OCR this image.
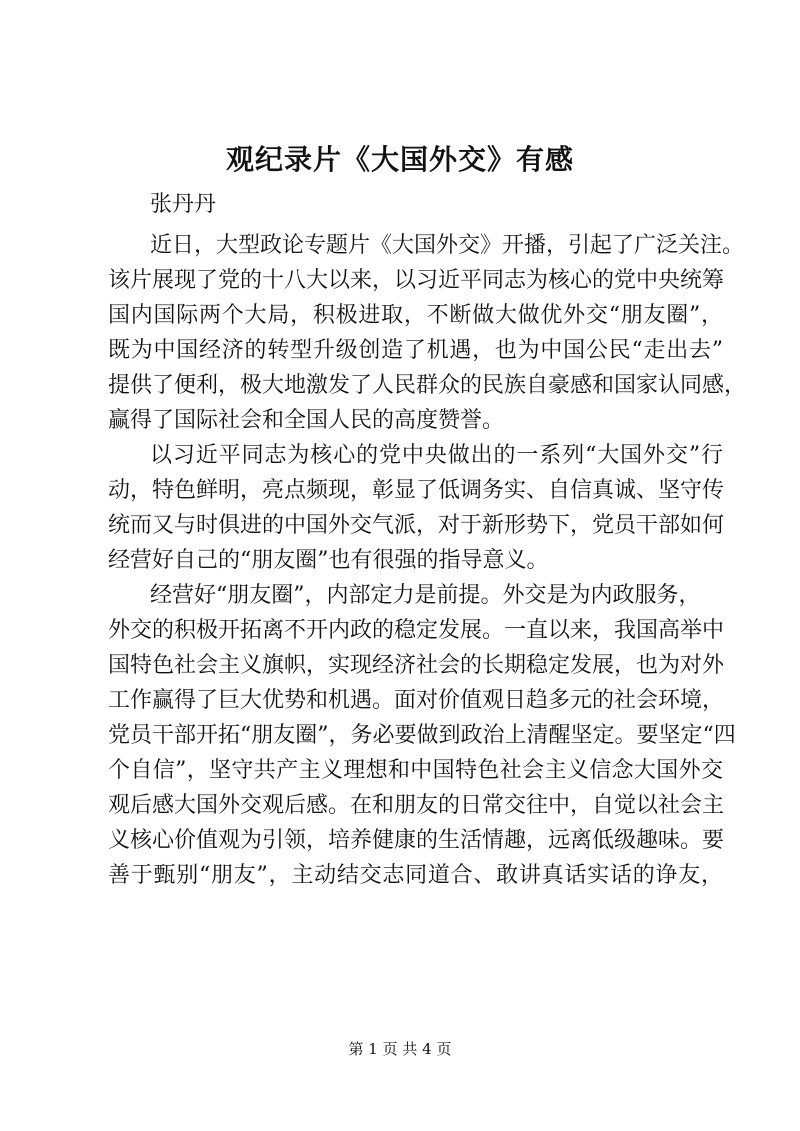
观纪录片《大国外交》有感

张丹丹

近日，大型政论专题片《大国外交》开播，引起了广泛关注。
该片展现了党的十八大以来，以习近平同志为核心的党中央统筹
国内国际两个大局，积极进取，不断做大做优外交“朋友圈”，
既为中国经济的转型升级创造了机遇，也为中国公民“走出去”
提供了便利，极大地激发了人民群众的民族自豪感和国家认同感，
赢得了国际社会和全国人民的高度赞誉。
以习近平同志为核心的党中央做出的一系列“大国外交”行
动，特色鲜明，亮点频现，彰显了低调务实、自信真诚、坚守传
统而又与时俱进的中国外交气派，对于新形势下，党员干部如何
经营好自己的“朋友圈”也有很强的指导意义。
经营好“朋友圈”，内部定力是前提。外交是为内政服务，
外交的积极开拓离不开内政的稳定发展。一直以来，我国高举中
国特色社会主义旗帜，实现经济社会的长期稳定发展，也为对外
工作赢得了巨大优势和机遇。面对价值观日趋多元的社会环境，
党员干部开拓“朋友圈”，务必要做到政治上清醒坚定。要坚定“四
个自信”，坚守共产主义理想和中国特色社会主义信念大国外交
观后感大国外交观后感。在和朋友的日常交往中，自觉以社会主
义核心价值观为引领，培养健康的生活情趣，远离低级趣味。要
善于甄别“朋友”，主动结交志同道合、敢讲真话实话的诤友，
第 1 页 共 4 页
